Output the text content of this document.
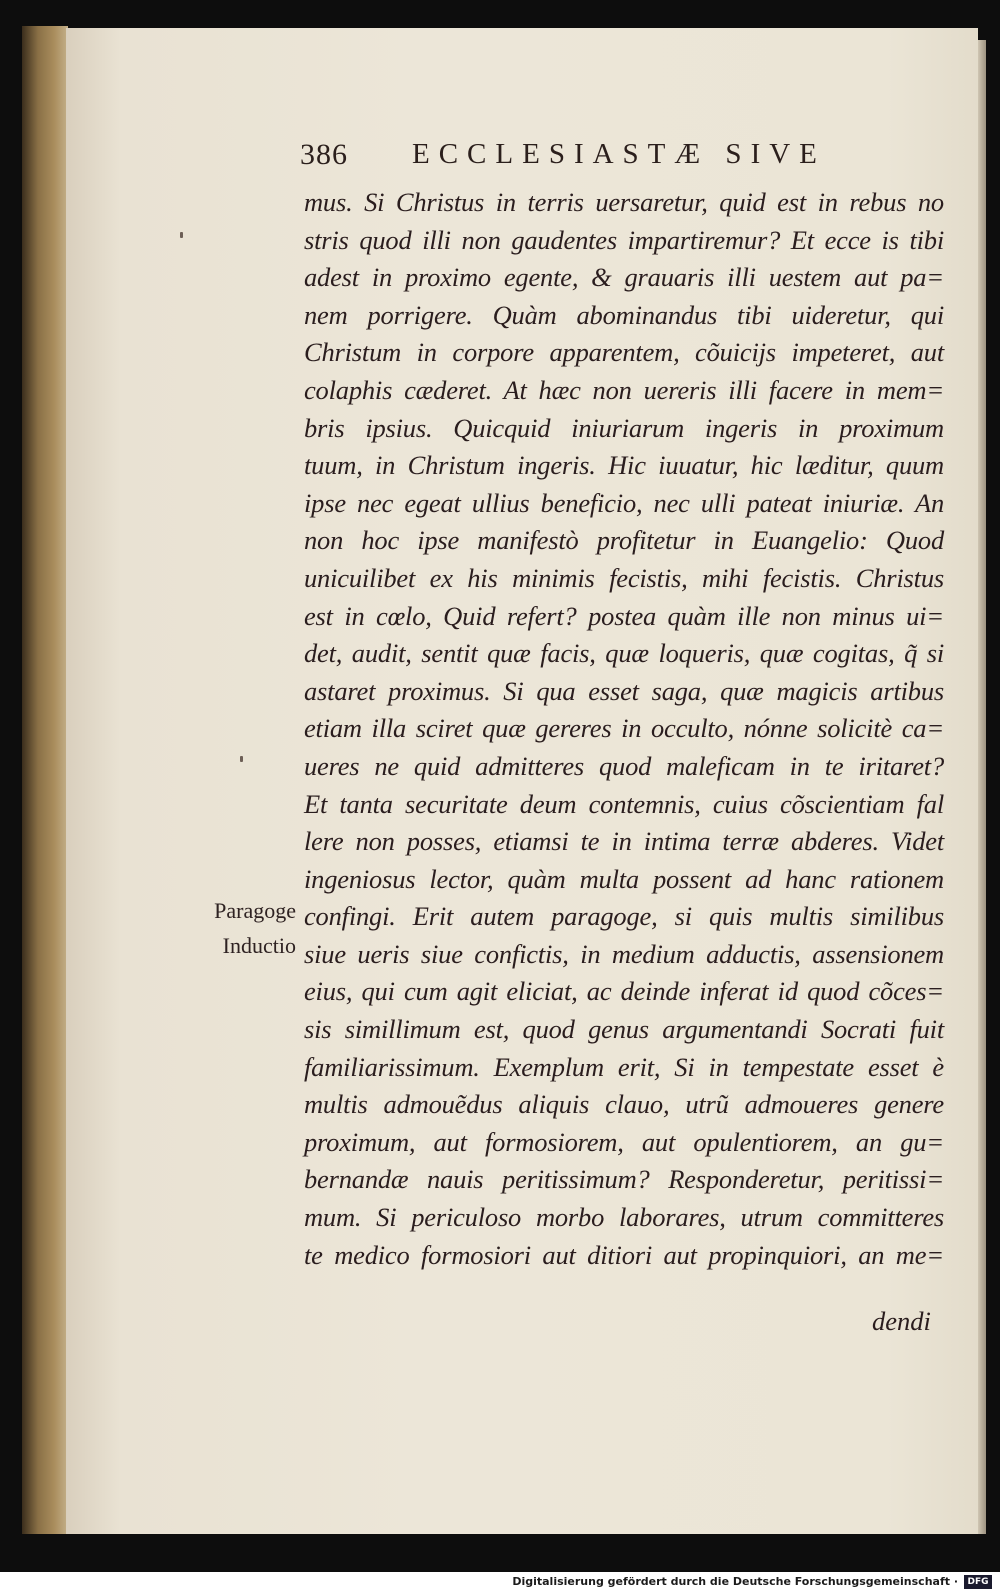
386 ECCLESIASTÆ SIVE
mus. Si Christus in terris uersaretur, quid est in rebus no
stris quod illi non gaudentes impartiremur? Et ecce is tibi
adest in proximo egente, & grauaris illi uestem aut pa=
nem porrigere. Quàm abominandus tibi uideretur, qui
Christum in corpore apparentem, cõuicijs impeteret, aut
colaphis cæderet. At hæc non uereris illi facere in mem=
bris ipsius. Quicquid iniuriarum ingeris in proximum
tuum, in Christum ingeris. Hic iuuatur, hic læditur, quum
ipse nec egeat ullius beneficio, nec ulli pateat iniuriæ. An
non hoc ipse manifestò profitetur in Euangelio: Quod
unicuilibet ex his minimis fecistis, mihi fecistis. Christus
est in cœlo, Quid refert? postea quàm ille non minus ui=
det, audit, sentit quæ facis, quæ loqueris, quæ cogitas, q̃ si
astaret proximus. Si qua esset saga, quæ magicis artibus
etiam illa sciret quæ gereres in occulto, nónne solicitè ca=
ueres ne quid admitteres quod maleficam in te iritaret?
Et tanta securitate deum contemnis, cuius cõscientiam fal
lere non posses, etiamsi te in intima terræ abderes. Videt
ingeniosus lector, quàm multa possent ad hanc rationem
confingi. Erit autem paragoge, si quis multis similibus
siue ueris siue confictis, in medium adductis, assensionem
eius, qui cum agit eliciat, ac deinde inferat id quod cõces=
sis simillimum est, quod genus argumentandi Socrati fuit
familiarissimum. Exemplum erit, Si in tempestate esset è
multis admouẽdus aliquis clauo, utrũ admoueres genere
proximum, aut formosiorem, aut opulentiorem, an gu=
bernandæ nauis peritissimum? Responderetur, peritissi=
mum. Si periculoso morbo laborares, utrum committeres
te medico formosiori aut ditiori aut propinquiori, an me=
dendi
Paragoge
Inductio
Digitalisierung gefördert durch die Deutsche Forschungsgemeinschaft ·	DFG
